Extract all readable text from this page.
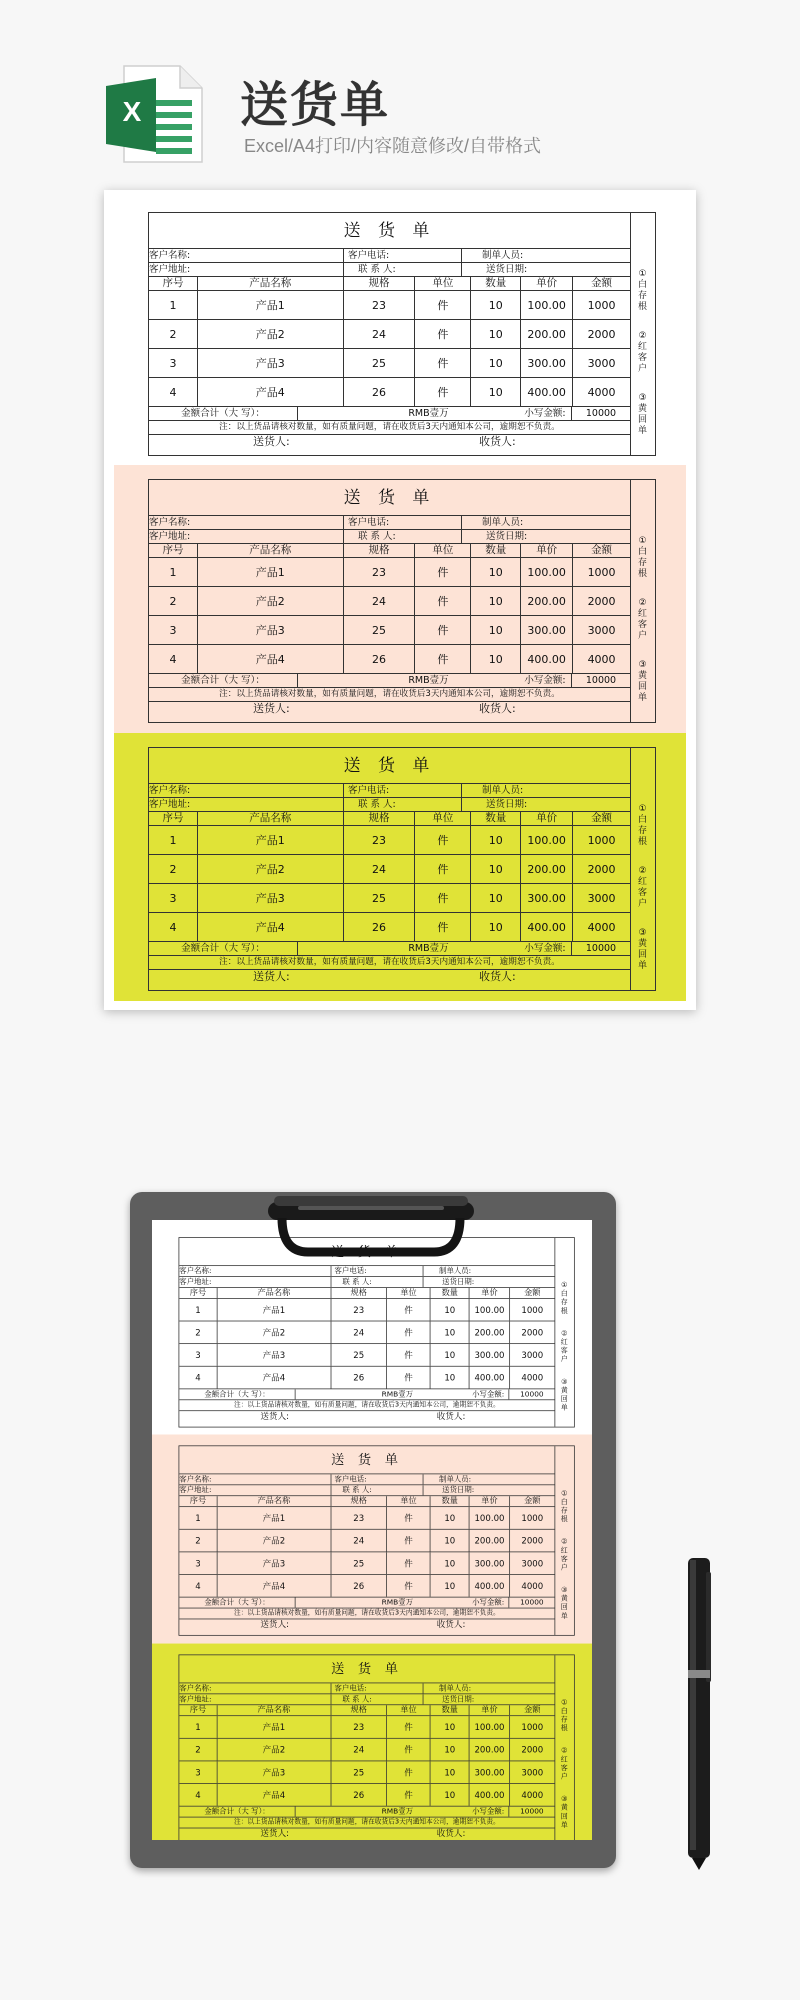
X 送货单
Excel/A4打印/内容随意修改/自带格式
送 货 单
客户名称:	客户电话:	制单人员:
客户地址:	联 系 人:	送货日期:
序号	产品名称	规格	单位	数量	单价	金额
1	产品1	23	件	10	100.00	1000
2	产品2	24	件	10	200.00	2000
3	产品3	25	件	10	300.00	3000
4	产品4	26	件	10	400.00	4000
金额合计（大 写）：	RMB壹万	小写金额:	10000
注：以上货品请核对数量，如有质量问题，请在收货后3天内通知本公司，逾期恕不负责。
送货人:	收货人:
①
白
存
根
②
红
客
户
③
黄
回
单
送 货 单
客户名称:	客户电话:	制单人员:
客户地址:	联 系 人:	送货日期:
序号	产品名称	规格	单位	数量	单价	金额
1	产品1	23	件	10	100.00	1000
2	产品2	24	件	10	200.00	2000
3	产品3	25	件	10	300.00	3000
4	产品4	26	件	10	400.00	4000
金额合计（大 写）：	RMB壹万	小写金额:	10000
注：以上货品请核对数量，如有质量问题，请在收货后3天内通知本公司，逾期恕不负责。
送货人:	收货人:
①
白
存
根
②
红
客
户
③
黄
回
单
送 货 单
客户名称:	客户电话:	制单人员:
客户地址:	联 系 人:	送货日期:
序号	产品名称	规格	单位	数量	单价	金额
1	产品1	23	件	10	100.00	1000
2	产品2	24	件	10	200.00	2000
3	产品3	25	件	10	300.00	3000
4	产品4	26	件	10	400.00	4000
金额合计（大 写）：	RMB壹万	小写金额:	10000
注：以上货品请核对数量，如有质量问题，请在收货后3天内通知本公司，逾期恕不负责。
送货人:	收货人:
①
白
存
根
②
红
客
户
③
黄
回
单
送 货 单
客户名称:	客户电话:	制单人员:
客户地址:	联 系 人:	送货日期:
序号	产品名称	规格	单位	数量	单价	金额
1	产品1	23	件	10	100.00	1000
2	产品2	24	件	10	200.00	2000
3	产品3	25	件	10	300.00	3000
4	产品4	26	件	10	400.00	4000
金额合计（大 写）：	RMB壹万	小写金额:	10000
注：以上货品请核对数量，如有质量问题，请在收货后3天内通知本公司，逾期恕不负责。
送货人:	收货人:
①
白
存
根
②
红
客
户
③
黄
回
单
送 货 单
客户名称:	客户电话:	制单人员:
客户地址:	联 系 人:	送货日期:
序号	产品名称	规格	单位	数量	单价	金额
1	产品1	23	件	10	100.00	1000
2	产品2	24	件	10	200.00	2000
3	产品3	25	件	10	300.00	3000
4	产品4	26	件	10	400.00	4000
金额合计（大 写）：	RMB壹万	小写金额:	10000
注：以上货品请核对数量，如有质量问题，请在收货后3天内通知本公司，逾期恕不负责。
送货人:	收货人:
①
白
存
根
②
红
客
户
③
黄
回
单
送 货 单
客户名称:	客户电话:	制单人员:
客户地址:	联 系 人:	送货日期:
序号	产品名称	规格	单位	数量	单价	金额
1	产品1	23	件	10	100.00	1000
2	产品2	24	件	10	200.00	2000
3	产品3	25	件	10	300.00	3000
4	产品4	26	件	10	400.00	4000
金额合计（大 写）：	RMB壹万	小写金额:	10000
注：以上货品请核对数量，如有质量问题，请在收货后3天内通知本公司，逾期恕不负责。
送货人:	收货人:
①
白
存
根
②
红
客
户
③
黄
回
单
